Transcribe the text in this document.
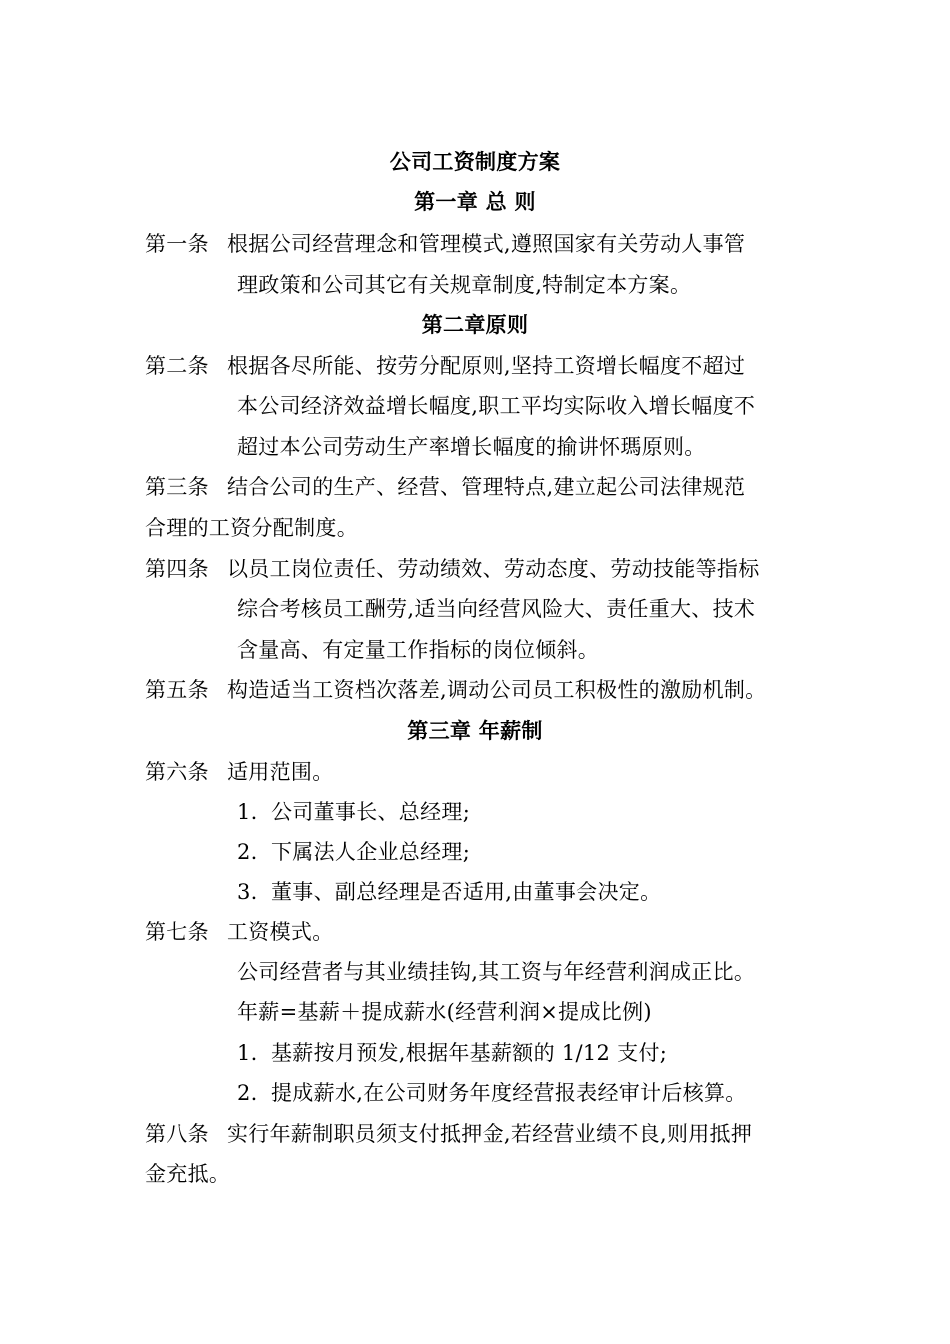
公司工资制度方案
第一章 总 则
第一条 根据公司经营理念和管理模式,遵照国家有关劳动人事管
理政策和公司其它有关规章制度,特制定本方案。
第二章原则
第二条 根据各尽所能、按劳分配原则,坚持工资增长幅度不超过
本公司经济效益增长幅度,职工平均实际收入增长幅度不
超过本公司劳动生产率增长幅度的揄讲怀瑪原则。
第三条 结合公司的生产、经营、管理特点,建立起公司法律规范
合理的工资分配制度。
第四条 以员工岗位责任、劳动绩效、劳动态度、劳动技能等指标
综合考核员工酬劳,适当向经营风险大、责任重大、技术
含量高、有定量工作指标的岗位倾斜。
第五条 构造适当工资档次落差,调动公司员工积极性的激励机制。
第三章 年薪制
第六条 适用范围。
1. 公司董事长、总经理;
2. 下属法人企业总经理;
3. 董事、副总经理是否适用,由董事会决定。
第七条 工资模式。
公司经营者与其业绩挂钩,其工资与年经营利润成正比。
年薪=基薪＋提成薪水(经营利润×提成比例)
1. 基薪按月预发,根据年基薪额的 1/12 支付;
2. 提成薪水,在公司财务年度经营报表经审计后核算。
第八条 实行年薪制职员须支付抵押金,若经营业绩不良,则用抵押
金充抵。
